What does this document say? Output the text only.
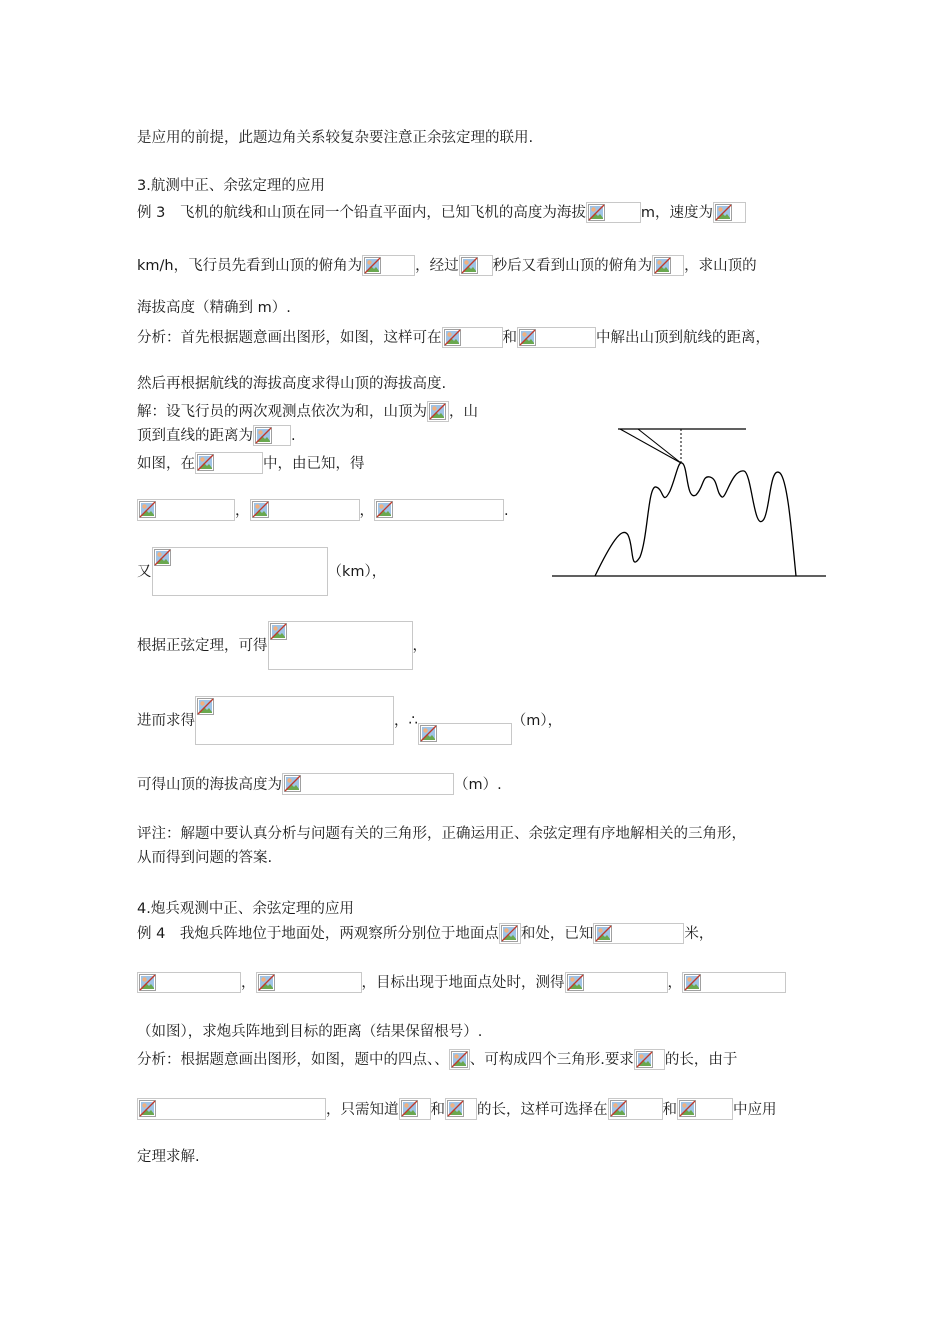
是应用的前提，此题边角关系较复杂要注意正余弦定理的联用.
3.航测中正、余弦定理的应用
例 3　飞机的航线和山顶在同一个铅直平面内，已知飞机的高度为海拔	m，速度为
km/h，飞行员先看到山顶的俯角为	，经过 秒后又看到山顶的俯角为 ，求山顶的
海拔高度（精确到 m）.
分析：首先根据题意画出图形，如图，这样可在	和	中解出山顶到航线的距离，
然后再根据航线的海拔高度求得山顶的海拔高度.
解：设飞行员的两次观测点依次为和，山顶为 ，山
顶到直线的距离为	.
如图，在	中，由已知，得
，	，	.
又	（km），
根据正弦定理，可得	，
进而求得	，∴	（m），
可得山顶的海拔高度为	（m）.
评注：解题中要认真分析与问题有关的三角形，正确运用正、余弦定理有序地解相关的三角形，
从而得到问题的答案.
4.炮兵观测中正、余弦定理的应用
例 4　我炮兵阵地位于地面处，两观察所分别位于地面点 和处，已知	米，
，	，目标出现于地面点处时，测得	，
（如图），求炮兵阵地到目标的距离（结果保留根号）.
分析：根据题意画出图形，如图，题中的四点、、 、可构成四个三角形.要求 的长，由于
，只需知道 和 的长，这样可选择在	和	中应用
定理求解.
